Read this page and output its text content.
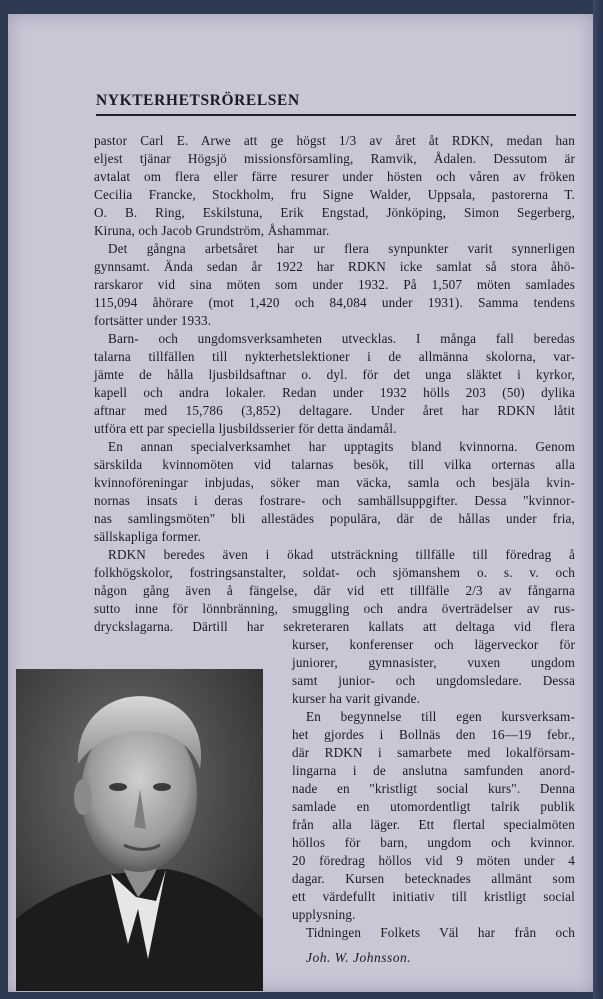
NYKTERHETSRÖRELSEN
pastor Carl E. Arwe att ge högst 1/3 av året åt RDKN, medan han
eljest tjänar Högsjö missionsförsamling, Ramvik, Ådalen. Dessutom är
avtalat om flera eller färre resurer under hösten och våren av fröken
Cecilia Francke, Stockholm, fru Signe Walder, Uppsala, pastorerna T.
O. B. Ring, Eskilstuna, Erik Engstad, Jönköping, Simon Segerberg,
Kiruna, och Jacob Grundström, Åshammar.
Det gångna arbetsåret har ur flera synpunkter varit synnerligen
gynnsamt. Ända sedan år 1922 har RDKN icke samlat så stora åhö-
rarskaror vid sina möten som under 1932. På 1,507 möten samlades
115,094 åhörare (mot 1,420 och 84,084 under 1931). Samma tendens
fortsätter under 1933.
Barn- och ungdomsverksamheten utvecklas. I många fall beredas
talarna tillfällen till nykterhetslektioner i de allmänna skolorna, var-
jämte de hålla ljusbildsaftnar o. dyl. för det unga släktet i kyrkor,
kapell och andra lokaler. Redan under 1932 hölls 203 (50) dylika
aftnar med 15,786 (3,852) deltagare. Under året har RDKN låtit
utföra ett par speciella ljusbildsserier för detta ändamål.
En annan specialverksamhet har upptagits bland kvinnorna. Genom
särskilda kvinnomöten vid talarnas besök, till vilka orternas alla
kvinnoföreningar inbjudas, söker man väcka, samla och besjäla kvin-
nornas insats i deras fostrare- och samhällsuppgifter. Dessa "kvinnor-
nas samlingsmöten" bli allestädes populära, där de hållas under fria,
sällskapliga former.
RDKN beredes även i ökad utsträckning tillfälle till föredrag å
folkhögskolor, fostringsanstalter, soldat- och sjömanshem o. s. v. och
någon gång även å fängelse, där vid ett tillfälle 2/3 av fångarna
sutto inne för lönnbränning, smuggling och andra överträdelser av rus-
dryckslagarna. Därtill har sekreteraren kallats att deltaga vid flera
kurser, konferenser och lägerveckor för
juniorer, gymnasister, vuxen ungdom
samt junior- och ungdomsledare. Dessa
kurser ha varit givande.
En begynnelse till egen kursverksam-
het gjordes i Bollnäs den 16—19 febr.,
där RDKN i samarbete med lokalförsam-
lingarna i de anslutna samfunden anord-
nade en "kristligt social kurs". Denna
samlade en utomordentligt talrik publik
från alla läger. Ett flertal specialmöten
höllos för barn, ungdom och kvinnor.
20 föredrag höllos vid 9 möten under 4
dagar. Kursen betecknades allmänt som
ett värdefullt initiativ till kristligt social
upplysning.
Tidningen Folkets Väl har från och
Joh. W. Johnsson.
